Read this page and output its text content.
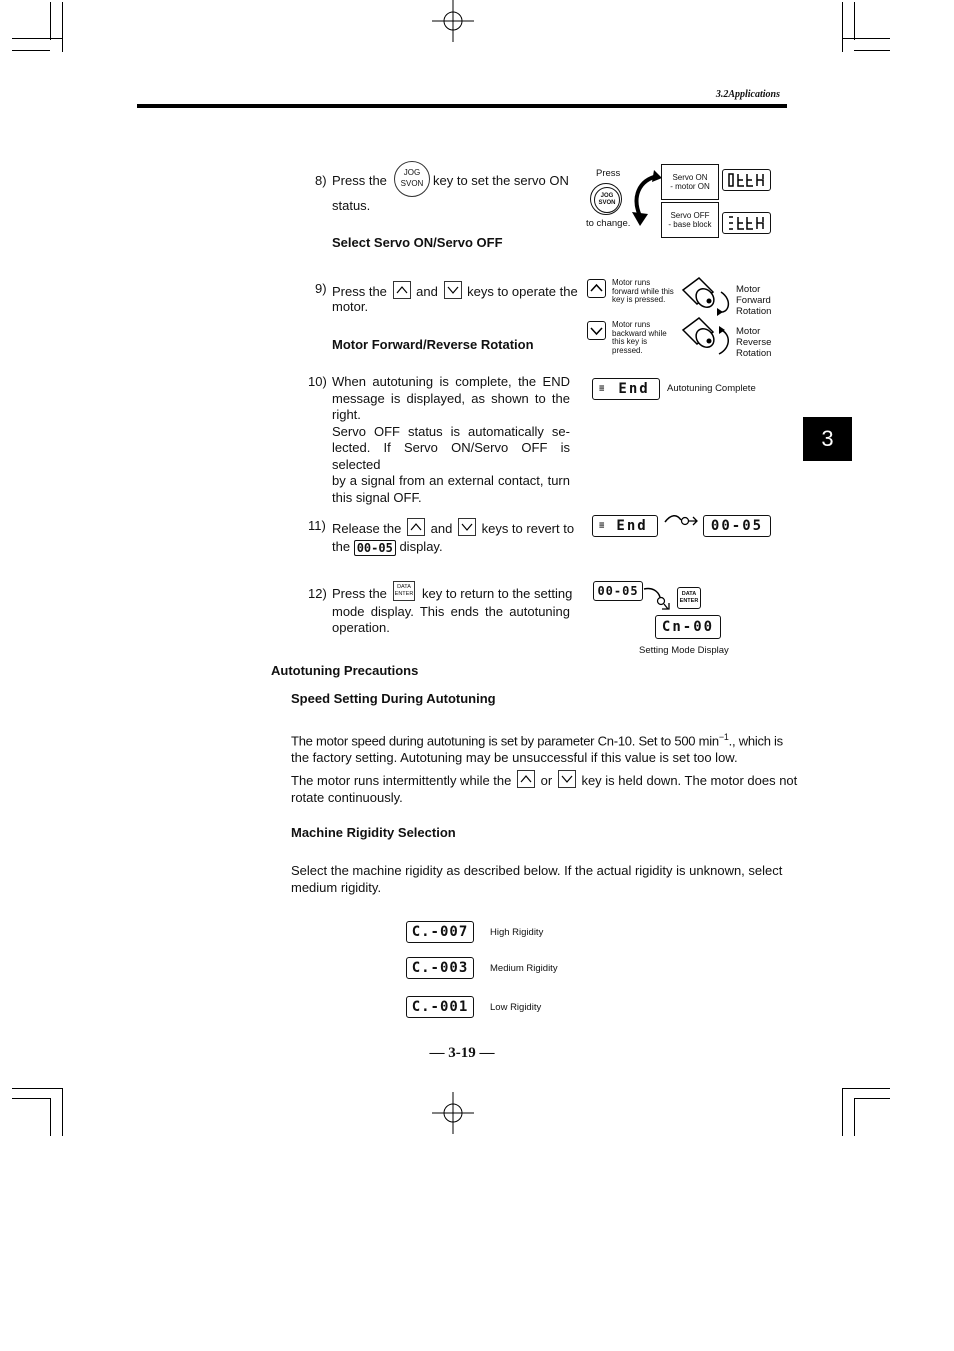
3.2Applications
3
8) Press the
JOG
SVON key to set the servo ON
status.
Select Servo ON/Servo OFF
Press
JOG
SVON
to change.
Servo ON
- motor ON
Servo OFF
- base block
9) Press the and keys to operate the
motor.
Motor Forward/Reverse Rotation
Motor runs
forward while this
key is pressed.
Motor runs
backward while
this key is
pressed.
Motor
Forward
Rotation
Motor
Reverse
Rotation
10) When autotuning is complete, the END
message is displayed, as shown to the
right.
Servo OFF status is automatically se-
lected. If Servo ON/Servo OFF is selected
by a signal from an external contact, turn
this signal OFF.
≡ End Autotuning Complete
11) Release the and keys to revert to
the 00-05 display.
≡ End	00-05
12) Press the	DATA
ENTER key to return to the setting
mode display. This ends the autotuning
operation.
00-05	DATA
ENTER
Cn-00
Setting Mode Display
Autotuning Precautions
Speed Setting During Autotuning
The motor speed during autotuning is set by parameter Cn-10. Set to 500 $\min^{-1}$., which is
the factory setting. Autotuning may be unsuccessful if this value is set too low.
The motor runs intermittently while the or key is held down. The motor does not
rotate continuously.
Machine Rigidity Selection
Select the machine rigidity as described below. If the actual rigidity is unknown, select
medium rigidity.
C.-007 High Rigidity
C.-003 Medium Rigidity
C.-001 Low Rigidity
— 3-19 —
